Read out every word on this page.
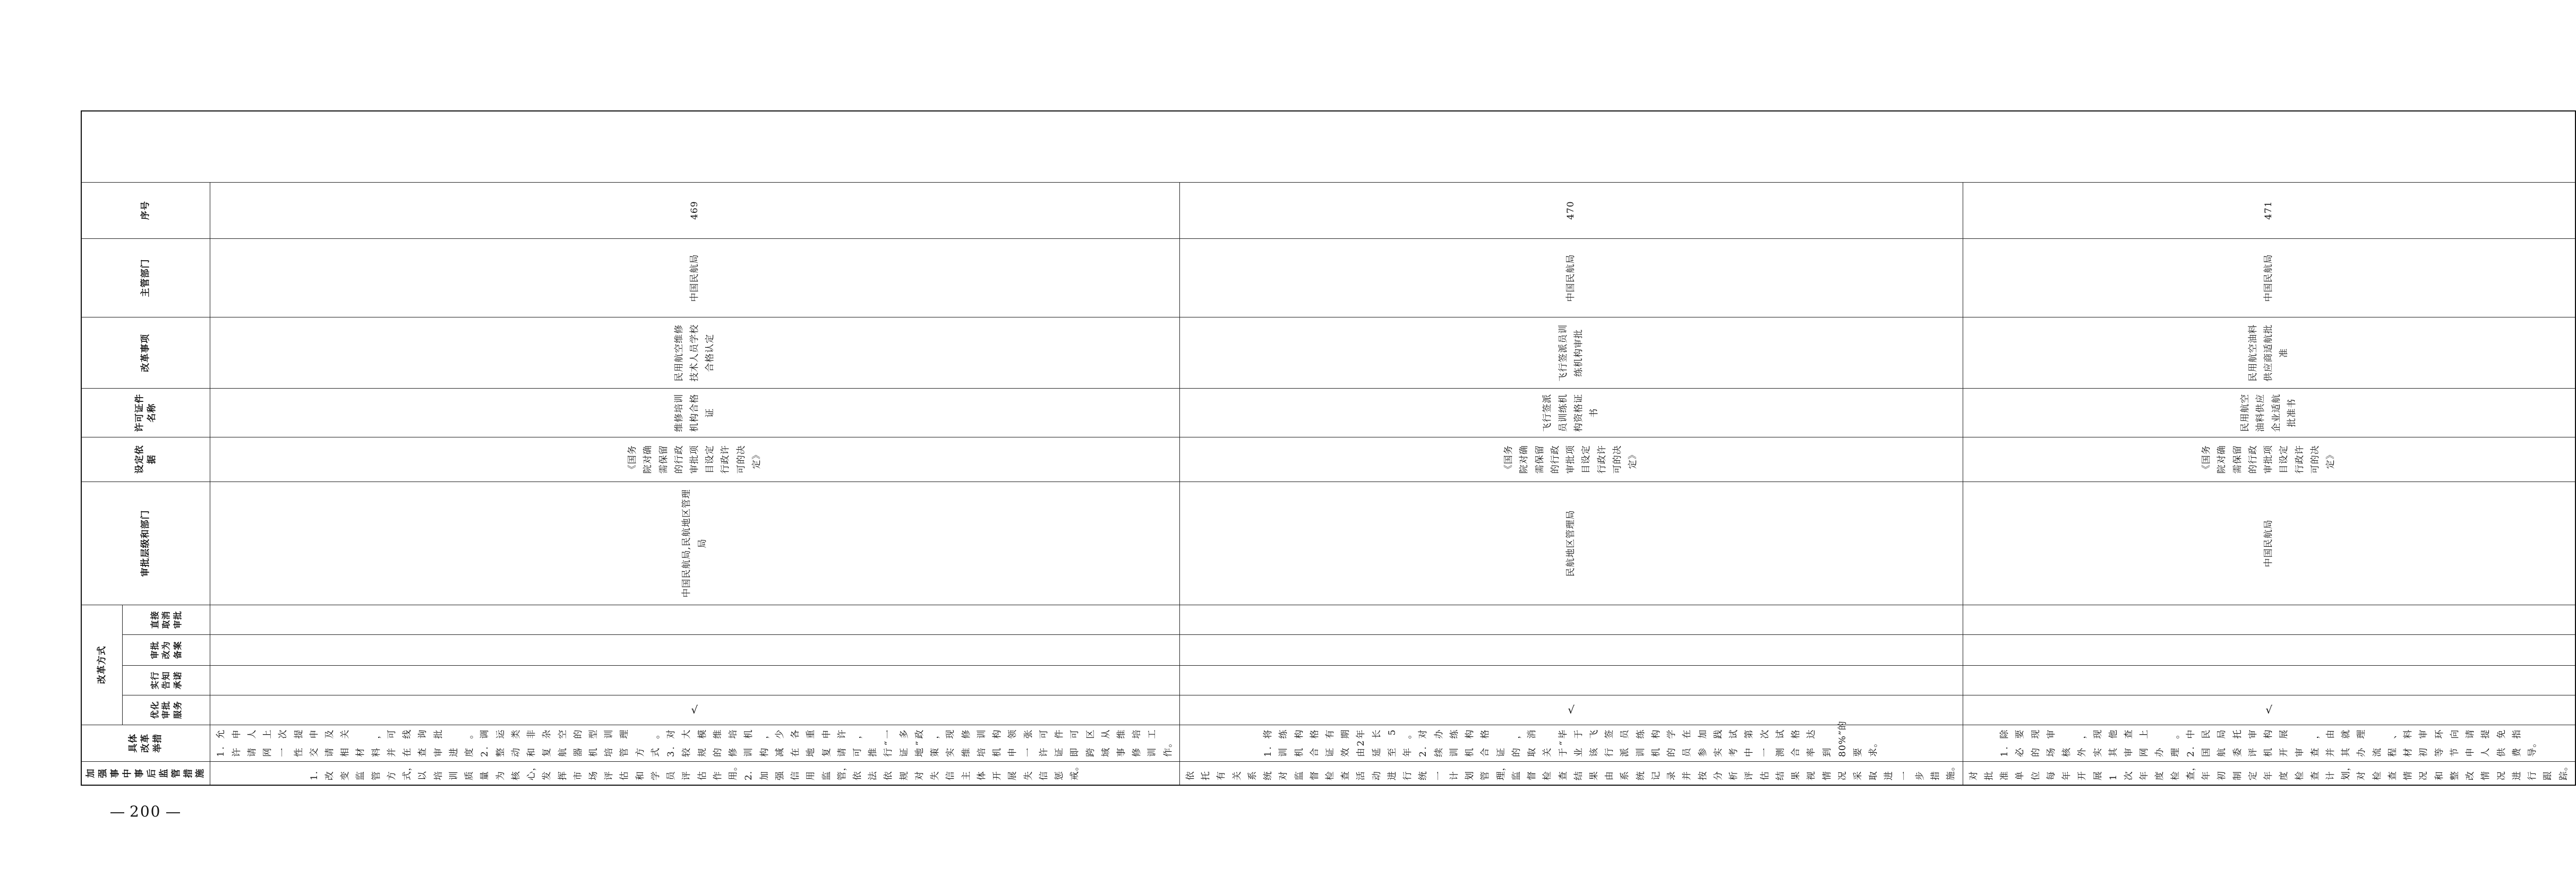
加强事中事后监管措施	具体改革举措	改革方式				审批层级和部门	设定依据	许可证件名称	改革事项	主管部门	序号
		优化审批服务	实行告知承诺	审批改为备案	直接取消审批						
1．改变监管方式，以培训质量为核心，发挥市场评估和学员评估作用。2．加强信用监管，依法依规对失信主体开展失信惩戒。	1．允许申请人网上一次性提交申请及相关材料，并可在线查询审批进度。2．调整运动类和非复杂航空器的机型培训管理方式。3．对较大规模的维修培训机构，减少在各地重复申请许可，推行“一证多地”政策，实现维修培训机构申领一张许可证件即可跨区域从事维修培训工作。	√				中国民航局,民航地区管理局	《国务院对确需保留的行政审批项目设定行政许可的决定》	维修培训机构合格证	民用航空维修技术人员学校合格认定	中国民航局	469
依托有关系统对监督检查活动进行统一计划管理，监督检查结果由系统记录并按分析评估结果视情况采取进一步措施。	1．将训练机构合格证有效期由2年延长至5年。2．对续办训练机构合格证的，取消关于“毕业于该飞行签派员训练机构的学员在参加实践考试中第一次测试合格率达到80%”的要求。	√				民航地区管理局	《国务院对确需保留的行政审批项目设定行政许可的决定》	飞行签派员训练机构资格证书	飞行签派员训练机构审批	中国民航局	470
对批准单位每年开展1次年度检查，年初制定年度检查计划，对检查情况和整改情况进行跟踪。	1．除必要的现场审核外，实现其他审查网上办理。2．中国民航局委托评审机构开展审查，并由其就办理流程、材料初审等环节向申请人提供免费指导。	√				中国民航局	《国务院对确需保留的行政审批项目设定行政许可的决定》	民用航空油料供应企业适航批准书	民用航空油料供应商适航批准	中国民航局	471
200
